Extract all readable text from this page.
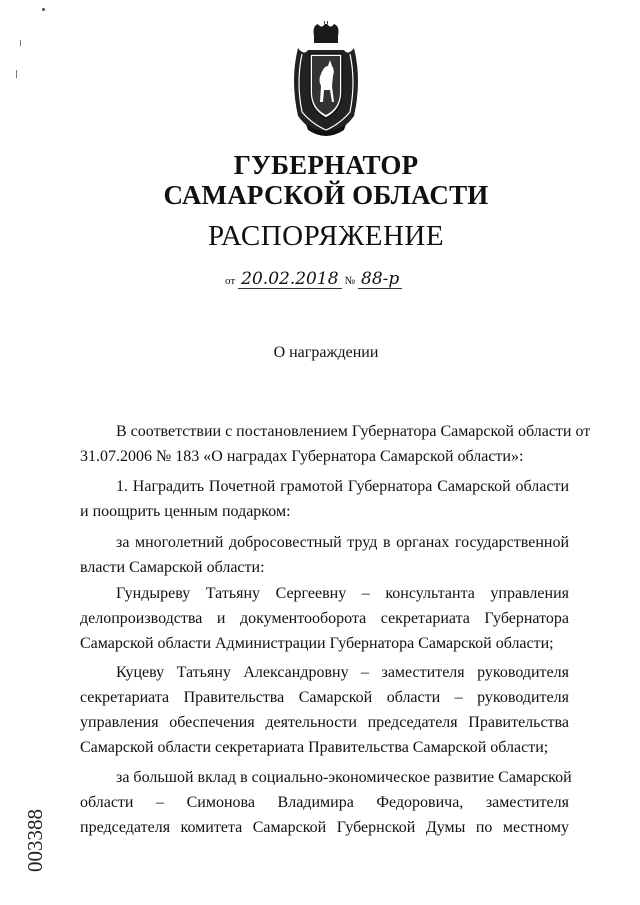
ГУБЕРНАТОР
САМАРСКОЙ ОБЛАСТИ
РАСПОРЯЖЕНИЕ
от 20.02.2018 № 88-р
О награждении
В соответствии с постановлением Губернатора Самарской области от
31.07.2006 № 183 «О наградах Губернатора Самарской области»:
1. Наградить Почетной грамотой Губернатора Самарской области
и поощрить ценным подарком:
за многолетний добросовестный труд в органах государственной
власти Самарской области:
Гундыреву Татьяну Сергеевну – консультанта управления
делопроизводства и документооборота секретариата Губернатора
Самарской области Администрации Губернатора Самарской области;
Куцеву Татьяну Александровну – заместителя руководителя
секретариата Правительства Самарской области – руководителя
управления обеспечения деятельности председателя Правительства
Самарской области секретариата Правительства Самарской области;
за большой вклад в социально-экономическое развитие Самарской
области – Симонова Владимира Федоровича, заместителя
председателя комитета Самарской Губернской Думы по местному
003388
